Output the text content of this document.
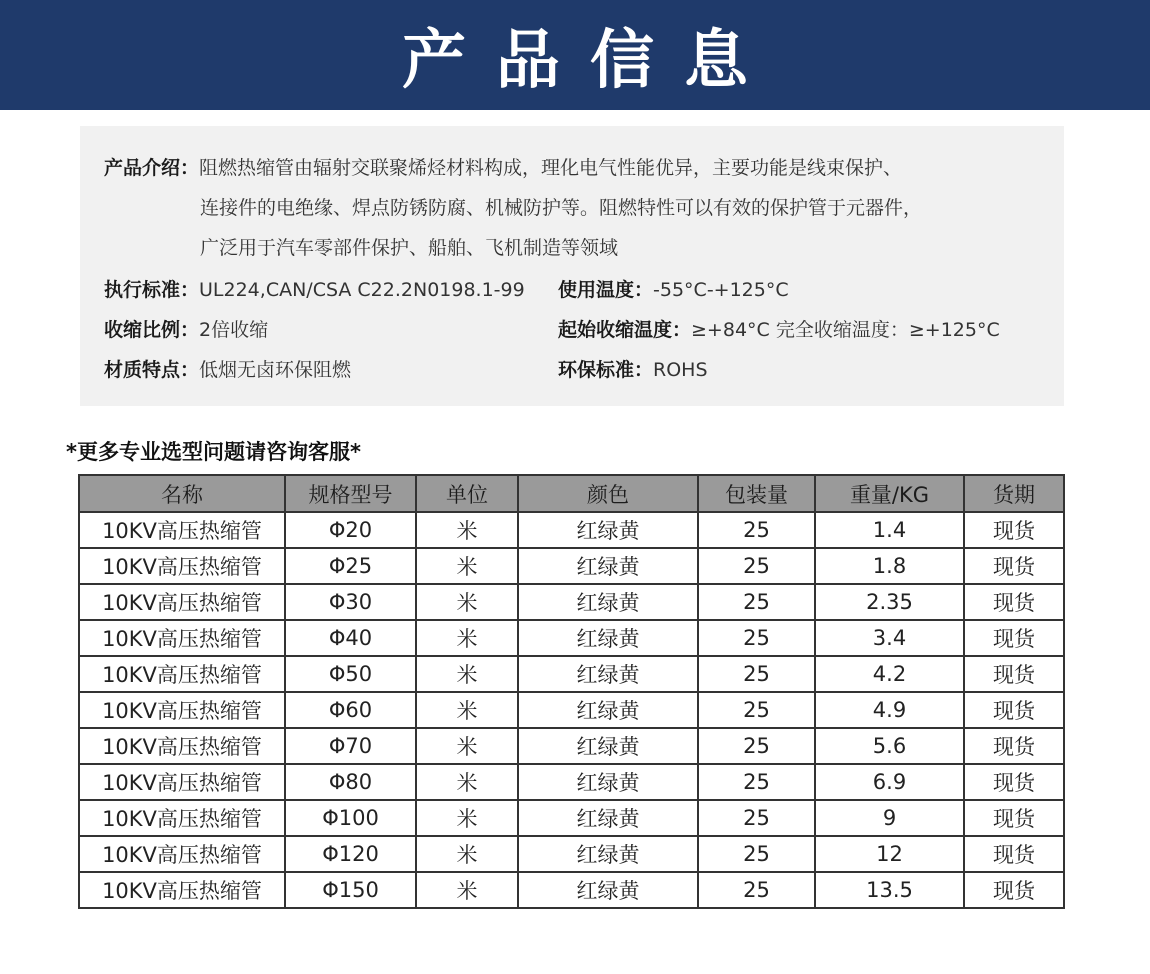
产品信息
产品介绍：阻燃热缩管由辐射交联聚烯烃材料构成，理化电气性能优异，主要功能是线束保护、
连接件的电绝缘、焊点防锈防腐、机械防护等。阻燃特性可以有效的保护管于元器件，
广泛用于汽车零部件保护、船舶、飞机制造等领域
执行标准：UL224,CAN/CSA C22.2N0198.1-99 使用温度：-55°C-+125°C
收缩比例：2倍收缩	起始收缩温度：≥+84°C 完全收缩温度：≥+125°C
材质特点：低烟无卤环保阻燃	环保标准：ROHS
*更多专业选型问题请咨询客服*
名称	规格型号	单位	颜色	包装量	重量/KG	货期
10KV高压热缩管	Φ20	米	红绿黄	25	1.4	现货
10KV高压热缩管	Φ25	米	红绿黄	25	1.8	现货
10KV高压热缩管	Φ30	米	红绿黄	25	2.35	现货
10KV高压热缩管	Φ40	米	红绿黄	25	3.4	现货
10KV高压热缩管	Φ50	米	红绿黄	25	4.2	现货
10KV高压热缩管	Φ60	米	红绿黄	25	4.9	现货
10KV高压热缩管	Φ70	米	红绿黄	25	5.6	现货
10KV高压热缩管	Φ80	米	红绿黄	25	6.9	现货
10KV高压热缩管	Φ100	米	红绿黄	25	9	现货
10KV高压热缩管	Φ120	米	红绿黄	25	12	现货
10KV高压热缩管	Φ150	米	红绿黄	25	13.5	现货
